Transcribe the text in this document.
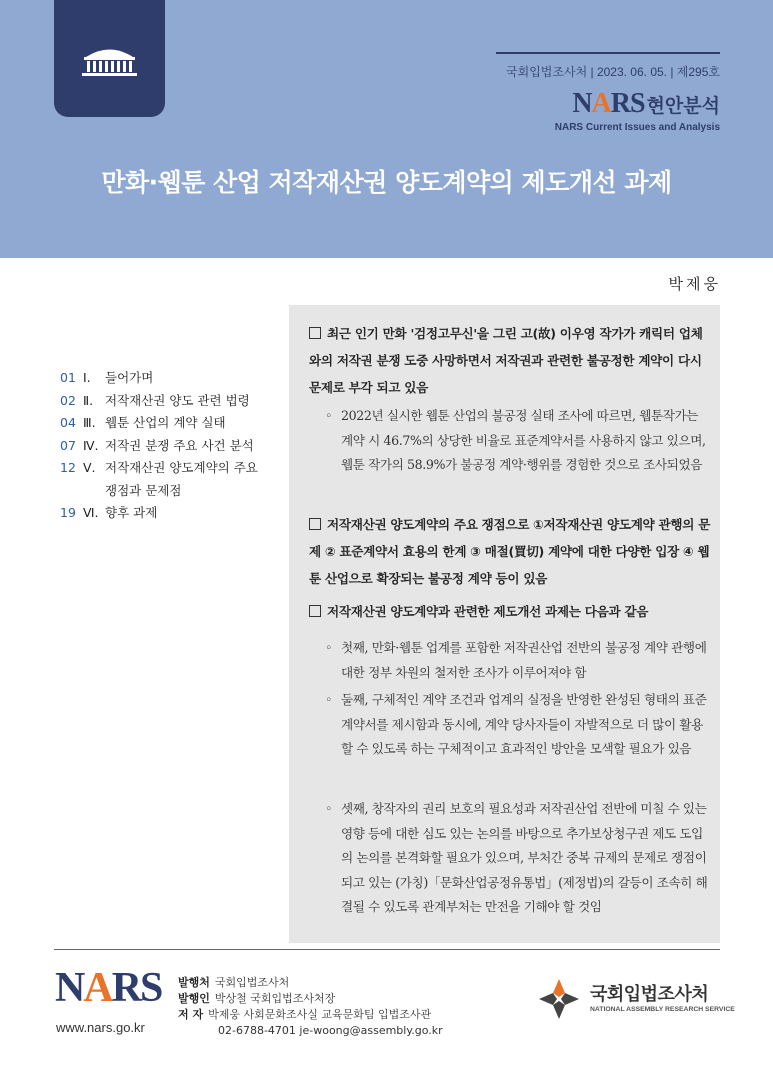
국회입법조사처 | 2023. 06. 05. | 제295호
NARS 현안분석
NARS Current Issues and Analysis
만화·웹툰 산업 저작재산권 양도계약의 제도개선 과제
박제웅
01 Ⅰ.	들어가며
02 Ⅱ. 저작재산권 양도 관련 법령
04 Ⅲ. 웹툰 산업의 계약 실태
07 Ⅳ. 저작권 분쟁 주요 사건 분석
12 Ⅴ. 저작재산권 양도계약의 주요
쟁점과 문제점
19 Ⅵ. 향후 과제
최근 인기 만화 '검정고무신'을 그린 고(故) 이우영 작가가 캐릭터 업체와의 저작권 분쟁 도중 사망하면서 저작권과 관련한 불공정한 계약이 다시 문제로 부각 되고 있음
◦ 2022년 실시한 웹툰 산업의 불공정 실태 조사에 따르면, 웹툰작가는 계약 시 46.7%의 상당한 비율로 표준계약서를 사용하지 않고 있으며, 웹툰 작가의 58.9%가 불공정 계약·행위를 경험한 것으로 조사되었음
저작재산권 양도계약의 주요 쟁점으로 ①저작재산권 양도계약 관행의 문제 ② 표준계약서 효용의 한계 ③ 매절(買切) 계약에 대한 다양한 입장 ④ 웹툰 산업으로 확장되는 불공정 계약 등이 있음
저작재산권 양도계약과 관련한 제도개선 과제는 다음과 같음
◦ 첫째, 만화·웹툰 업계를 포함한 저작권산업 전반의 불공정 계약 관행에 대한 정부 차원의 철저한 조사가 이루어져야 함
◦ 둘째, 구체적인 계약 조건과 업계의 실정을 반영한 완성된 형태의 표준계약서를 제시함과 동시에, 계약 당사자들이 자발적으로 더 많이 활용할 수 있도록 하는 구체적이고 효과적인 방안을 모색할 필요가 있음
◦ 셋째, 창작자의 권리 보호의 필요성과 저작권산업 전반에 미칠 수 있는 영향 등에 대한 심도 있는 논의를 바탕으로 추가보상청구권 제도 도입의 논의를 본격화할 필요가 있으며, 부처간 중복 규제의 문제로 쟁점이 되고 있는 (가칭)「문화산업공정유통법」(제정법)의 갈등이 조속히 해결될 수 있도록 관계부처는 만전을 기해야 할 것임
NARS
www.nars.go.kr
발행처 국회입법조사처
발행인 박상철 국회입법조사처장
저 자 박제웅 사회문화조사실 교육문화팀 입법조사관
02-6788-4701 je-woong@assembly.go.kr
국회입법조사처
NATIONAL ASSEMBLY RESEARCH SERVICE
